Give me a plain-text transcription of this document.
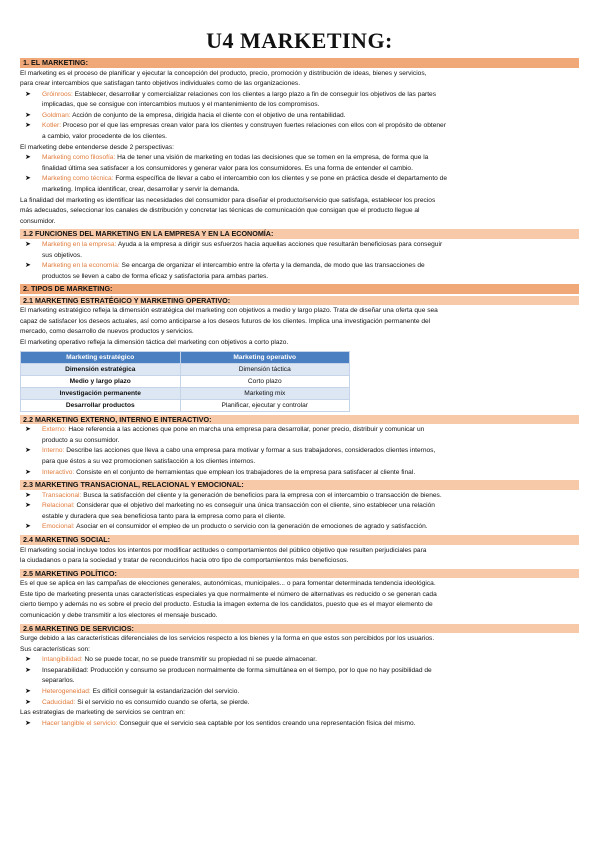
U4 MARKETING:
1. EL MARKETING:

El marketing es el proceso de planificar y ejecutar la concepción del producto, precio, promoción y distribución de ideas, bienes y servicios,

para crear intercambios que satisfagan tanto objetivos individuales como de las organizaciones.

➤ Gróinroos: Establecer, desarrollar y comercializar relaciones con los clientes a largo plazo a fin de conseguir los objetivos de las partes
implicadas, que se consigue con intercambios mutuos y el mantenimiento de los compromisos.
➤ Goldman: Acción de conjunto de la empresa, dirigida hacia el cliente con el objetivo de una rentabilidad.
➤ Kotler: Proceso por el que las empresas crean valor para los clientes y construyen fuertes relaciones con ellos con el propósito de obtener
a cambio, valor procedente de los clientes.

El marketing debe entenderse desde 2 perspectivas:

➤ Marketing como filosofía: Ha de tener una visión de marketing en todas las decisiones que se tomen en la empresa, de forma que la
finalidad última sea satisfacer a los consumidores y generar valor para los consumidores. Es una forma de entender el cambio.
➤ Marketing como técnica: Forma específica de llevar a cabo el intercambio con los clientes y se pone en práctica desde el departamento de
marketing. Implica identificar, crear, desarrollar y servir la demanda.

La finalidad del marketing es identificar las necesidades del consumidor para diseñar el producto/servicio que satisfaga, establecer los precios

más adecuados, seleccionar los canales de distribución y concretar las técnicas de comunicación que consigan que el producto llegue al

consumidor.

1.2 FUNCIONES DEL MARKETING EN LA EMPRESA Y EN LA ECONOMÍA:
➤ Marketing en la empresa: Ayuda a la empresa a dirigir sus esfuerzos hacia aquellas acciones que resultarán beneficiosas para conseguir
sus objetivos.
➤ Marketing en la economía: Se encarga de organizar el intercambio entre la oferta y la demanda, de modo que las transacciones de
productos se lleven a cabo de forma eficaz y satisfactoria para ambas partes.
2. TIPOS DE MARKETING:
2.1 MARKETING ESTRATÉGICO Y MARKETING OPERATIVO:

El marketing estratégico refleja la dimensión estratégica del marketing con objetivos a medio y largo plazo. Trata de diseñar una oferta que sea

capaz de satisfacer los deseos actuales, así como anticiparse a los deseos futuros de los clientes. Implica una investigación permanente del

mercado, como desarrollo de nuevos productos y servicios.

El marketing operativo refleja la dimensión táctica del marketing con objetivos a corto plazo.

Marketing estratégico	Marketing operativo
Dimensión estratégica	Dimensión táctica
Medio y largo plazo	Corto plazo
Investigación permanente	Marketing mix
Desarrollar productos	Planificar, ejecutar y controlar
2.2 MARKETING EXTERNO, INTERNO E INTERACTIVO:
➤ Externo: Hace referencia a las acciones que pone en marcha una empresa para desarrollar, poner precio, distribuir y comunicar un
producto a su consumidor.
➤ Interno: Describe las acciones que lleva a cabo una empresa para motivar y formar a sus trabajadores, considerados clientes internos,
para que éstos a su vez promocionen satisfacción a los clientes internos.
➤ Interactivo: Consiste en el conjunto de herramientas que emplean los trabajadores de la empresa para satisfacer al cliente final.
2.3 MARKETING TRANSACIONAL, RELACIONAL Y EMOCIONAL:
➤ Transacional: Busca la satisfacción del cliente y la generación de beneficios para la empresa con el intercambio o transacción de bienes.
➤ Relacional: Considerar que el objetivo del marketing no es conseguir una única transacción con el cliente, sino establecer una relación
estable y duradera que sea beneficiosa tanto para la empresa como para el cliente.
➤ Emocional: Asociar en el consumidor el empleo de un producto o servicio con la generación de emociones de agrado y satisfacción.
2.4 MARKETING SOCIAL:

El marketing social incluye todos los intentos por modificar actitudes o comportamientos del público objetivo que resulten perjudiciales para

la ciudadanos o para la sociedad y tratar de reconducirlos hacia otro tipo de comportamientos más beneficiosos.

2.5 MARKETING POLÍTICO:

Es el que se aplica en las campañas de elecciones generales, autonómicas, municipales... o para fomentar determinada tendencia ideológica.

Este tipo de marketing presenta unas características especiales ya que normalmente el número de alternativas es reducido o se generan cada

cierto tiempo y además no es sobre el precio del producto. Estudia la imagen externa de los candidatos, puesto que es el mayor elemento de

comunicación y debe transmitir a los electores el mensaje buscado.

2.6 MARKETING DE SERVICIOS:

Surge debido a las características diferenciales de los servicios respecto a los bienes y la forma en que estos son percibidos por los usuarios.

Sus características son:

➤ Intangibilidad: No se puede tocar, no se puede transmitir su propiedad ni se puede almacenar.
➤ Inseparabilidad: Producción y consumo se producen normalmente de forma simultánea en el tiempo, por lo que no hay posibilidad de
separarlos.
➤ Heterogeneidad: Es difícil conseguir la estandarización del servicio.
➤ Caducidad: Si el servicio no es consumido cuando se oferta, se pierde.

Las estrategias de marketing de servicios se centran en:

➤ Hacer tangible el servicio: Conseguir que el servicio sea captable por los sentidos creando una representación física del mismo.
